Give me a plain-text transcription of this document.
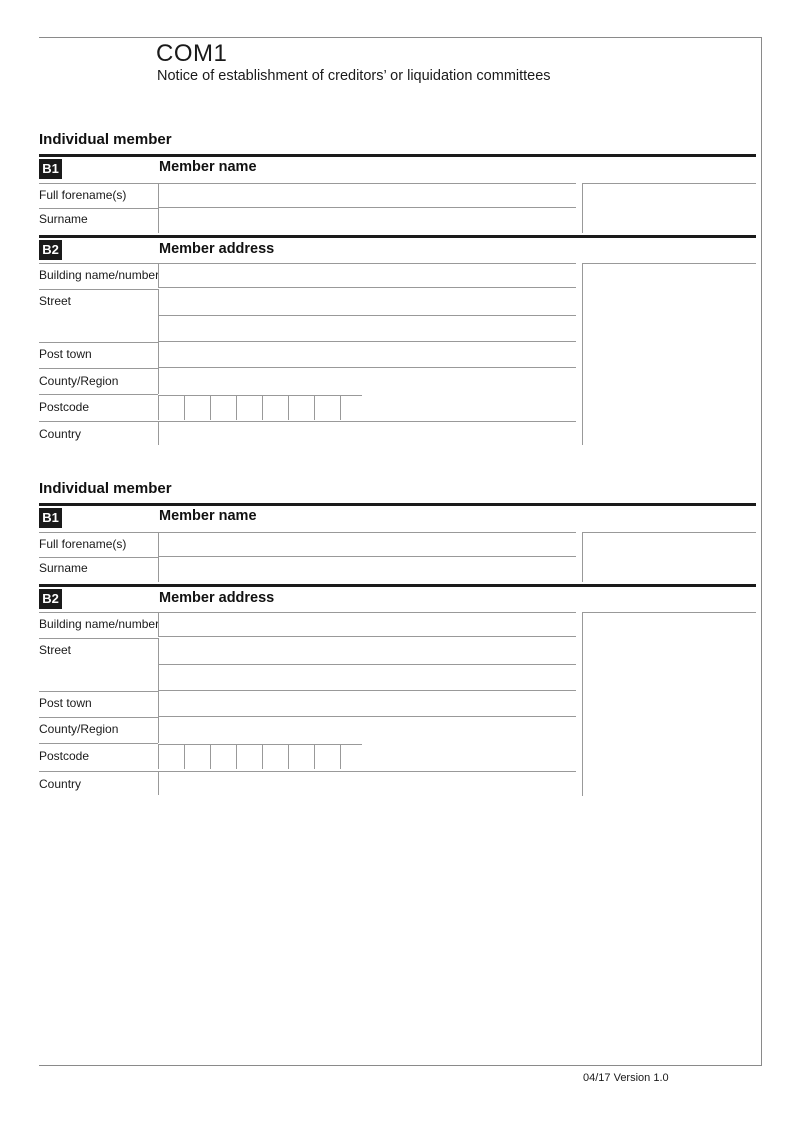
COM1
Notice of establishment of creditors’ or liquidation committees
Individual member
B1	Member name
Full forename(s)
Surname
B2	Member address
Building name/number
Street
Post town
County/Region
Postcode
Country
Individual member
B1	Member name
Full forename(s)
Surname
B2	Member address
Building name/number
Street
Post town
County/Region
Postcode
Country
04/17 Version 1.0
